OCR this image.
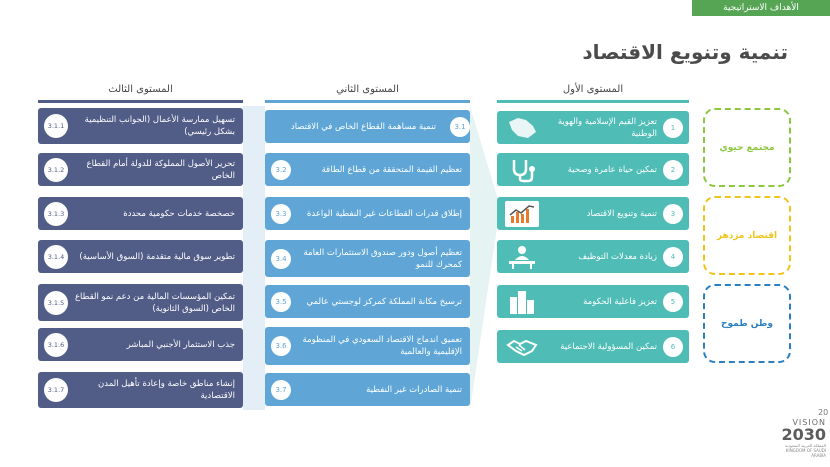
الأهداف الاستراتيجية
تنمية وتنويع الاقتصاد
المستوى الأول
المستوى الثاني
المستوى الثالث
1
تعزيز القيم الإسلامية والهوية الوطنية
2
تمكين حياة عامرة وصحية
3
تنمية وتنويع الاقتصاد
4
زيادة معدلات التوظيف
5
تعزيز فاعلية الحكومة
6
تمكين المسؤولية الاجتماعية
مجتمع حيوي
اقتصاد مزدهر
وطن طموح
3.1
تنمية مساهمة القطاع الخاص في الاقتصاد
تعظيم القيمة المتحققة من قطاع الطاقة
3.2
إطلاق قدرات القطاعات غير النفطية الواعدة
3.3
تعظيم أصول ودور صندوق الاستثمارات العامة كمحرك للنمو
3.4
ترسيخ مكانة المملكة كمركز لوجستي عالمي
3.5
تعميق اندماج الاقتصاد السعودي في المنظومة الإقليمية والعالمية
3.6
تنمية الصادرات غير النفطية
3.7
تسهيل ممارسة الأعمال (الجوانب التنظيمية بشكل رئيسي)
3.1.1
تحرير الأصول المملوكة للدولة أمام القطاع الخاص
3.1.2
خصخصة خدمات حكومية محددة
3.1.3
تطوير سوق مالية متقدمة (السوق الأساسية)
3.1.4
تمكين المؤسسات المالية من دعم نمو القطاع الخاص (السوق الثانوية)
3.1.5
جذب الاستثمار الأجنبي المباشر
3.1.6
إنشاء مناطق خاصة وإعادة تأهيل المدن الاقتصادية
3.1.7
20
VISION
2030
المملكة العربية السعودية KINGDOM OF SAUDI ARABIA
